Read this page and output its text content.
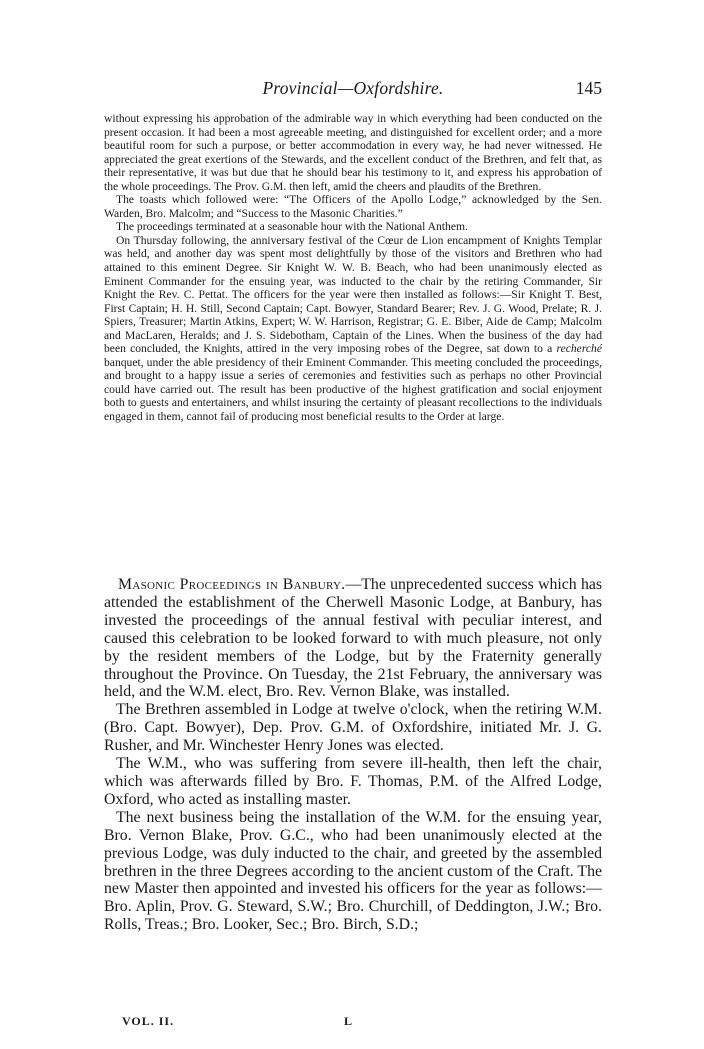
Provincial—Oxfordshire.	145

without expressing his approbation of the admirable way in which everything had been conducted on the present occasion. It had been a most agreeable meeting, and distinguished for excellent order; and a more beautiful room for such a purpose, or better accommodation in every way, he had never witnessed. He appreciated the great exertions of the Stewards, and the excellent conduct of the Brethren, and felt that, as their representative, it was but due that he should bear his testimony to it, and express his approbation of the whole proceedings. The Prov. G.M. then left, amid the cheers and plaudits of the Brethren.

The toasts which followed were: “The Officers of the Apollo Lodge,” acknowledged by the Sen. Warden, Bro. Malcolm; and “Success to the Masonic Charities.”

The proceedings terminated at a seasonable hour with the National Anthem.

On Thursday following, the anniversary festival of the Cœur de Lion encampment of Knights Templar was held, and another day was spent most delightfully by those of the visitors and Brethren who had attained to this eminent Degree. Sir Knight W. W. B. Beach, who had been unanimously elected as Eminent Commander for the ensuing year, was inducted to the chair by the retiring Commander, Sir Knight the Rev. C. Pettat. The officers for the year were then installed as follows:—Sir Knight T. Best, First Captain; H. H. Still, Second Captain; Capt. Bowyer, Standard Bearer; Rev. J. G. Wood, Prelate; R. J. Spiers, Treasurer; Martin Atkins, Expert; W. W. Harrison, Registrar; G. E. Biber, Aide de Camp; Malcolm and MacLaren, Heralds; and J. S. Sidebotham, Captain of the Lines. When the business of the day had been concluded, the Knights, attired in the very imposing robes of the Degree, sat down to a recherché banquet, under the able presidency of their Eminent Commander. This meeting concluded the proceedings, and brought to a happy issue a series of ceremonies and festivities such as perhaps no other Provincial could have carried out. The result has been productive of the highest gratification and social enjoyment both to guests and entertainers, and whilst insuring the certainty of pleasant recollections to the individuals engaged in them, cannot fail of producing most beneficial results to the Order at large.

Masonic Proceedings in Banbury.—The unprecedented success which has attended the establishment of the Cherwell Masonic Lodge, at Banbury, has invested the proceedings of the annual festival with peculiar interest, and caused this celebration to be looked forward to with much pleasure, not only by the resident members of the Lodge, but by the Fraternity generally throughout the Province. On Tuesday, the 21st February, the anniversary was held, and the W.M. elect, Bro. Rev. Vernon Blake, was installed.

The Brethren assembled in Lodge at twelve o'clock, when the retiring W.M. (Bro. Capt. Bowyer), Dep. Prov. G.M. of Oxfordshire, initiated Mr. J. G. Rusher, and Mr. Winchester Henry Jones was elected.

The W.M., who was suffering from severe ill-health, then left the chair, which was afterwards filled by Bro. F. Thomas, P.M. of the Alfred Lodge, Oxford, who acted as installing master.

The next business being the installation of the W.M. for the ensuing year, Bro. Vernon Blake, Prov. G.C., who had been unanimously elected at the previous Lodge, was duly inducted to the chair, and greeted by the assembled brethren in the three Degrees according to the ancient custom of the Craft. The new Master then appointed and invested his officers for the year as follows:—Bro. Aplin, Prov. G. Steward, S.W.; Bro. Churchill, of Deddington, J.W.; Bro. Rolls, Treas.; Bro. Looker, Sec.; Bro. Birch, S.D.;

VOL. II.	L
